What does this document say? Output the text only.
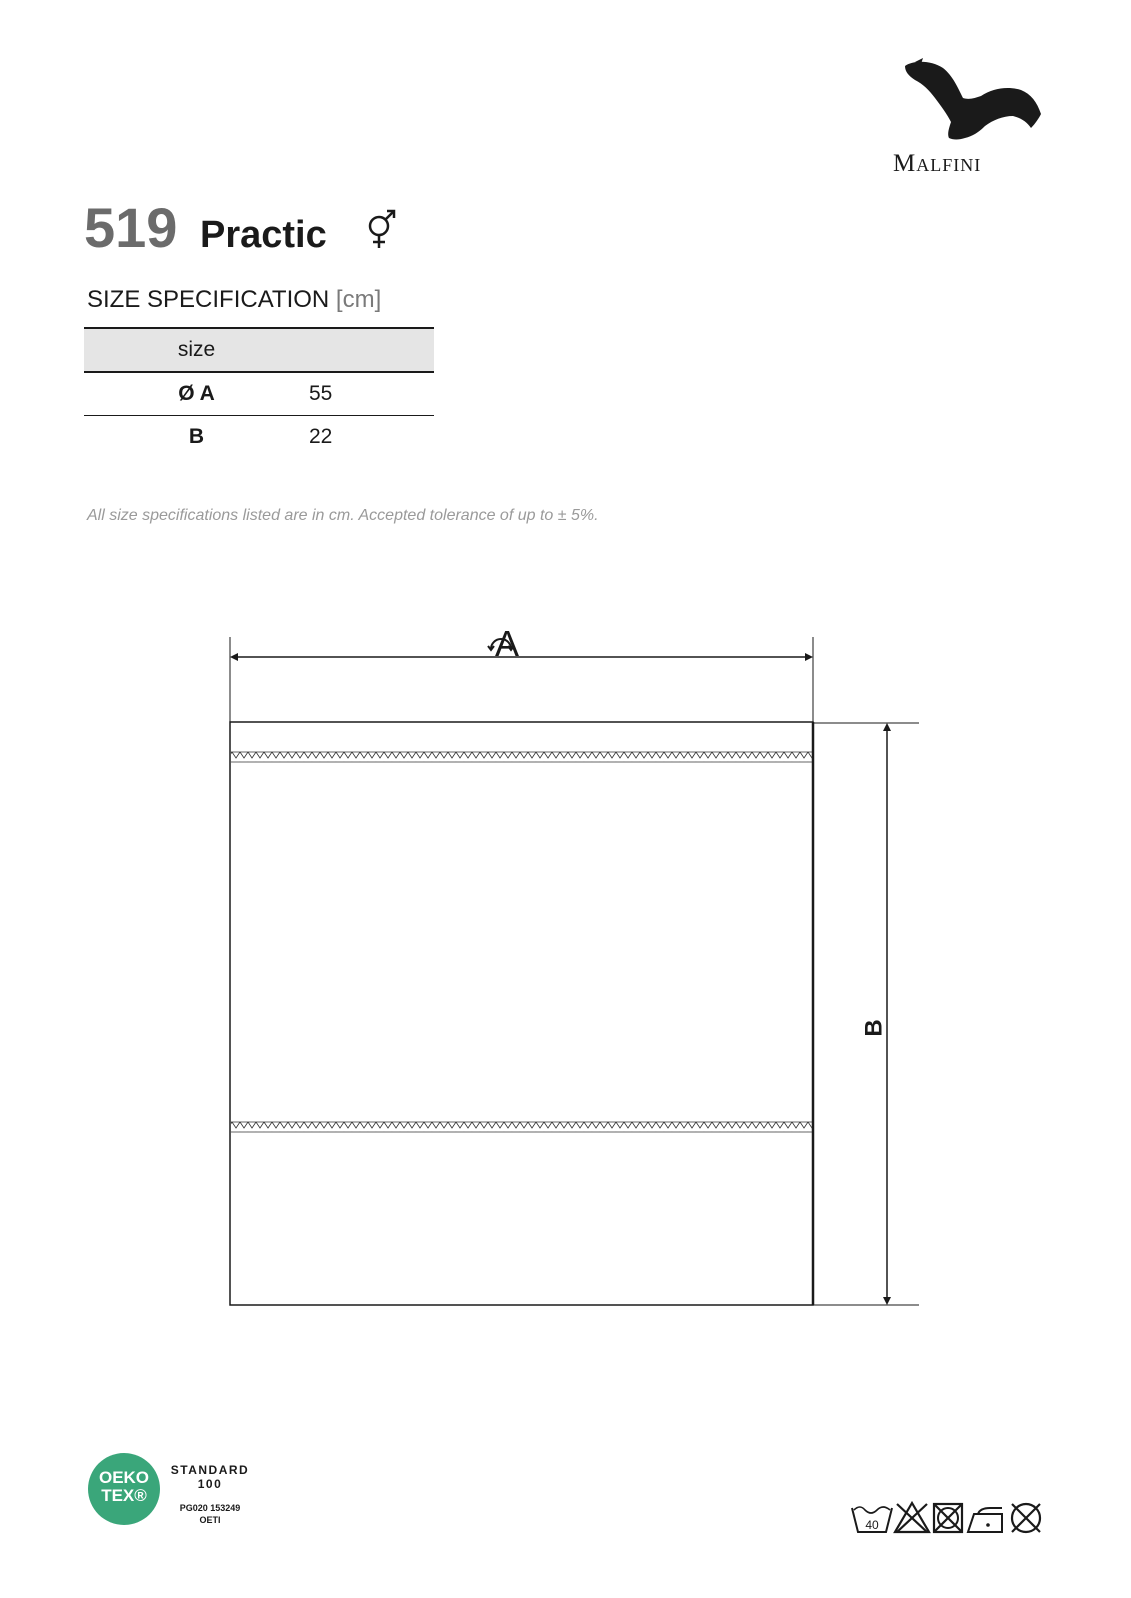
Malfini
519 Practic
SIZE SPECIFICATION [cm]
size	
Ø A	55
B	22
All size specifications listed are in cm. Accepted tolerance of up to ± 5%.
A
B
OEKO
TEX®
STANDARD
100
PG020 153249
OETI	40
